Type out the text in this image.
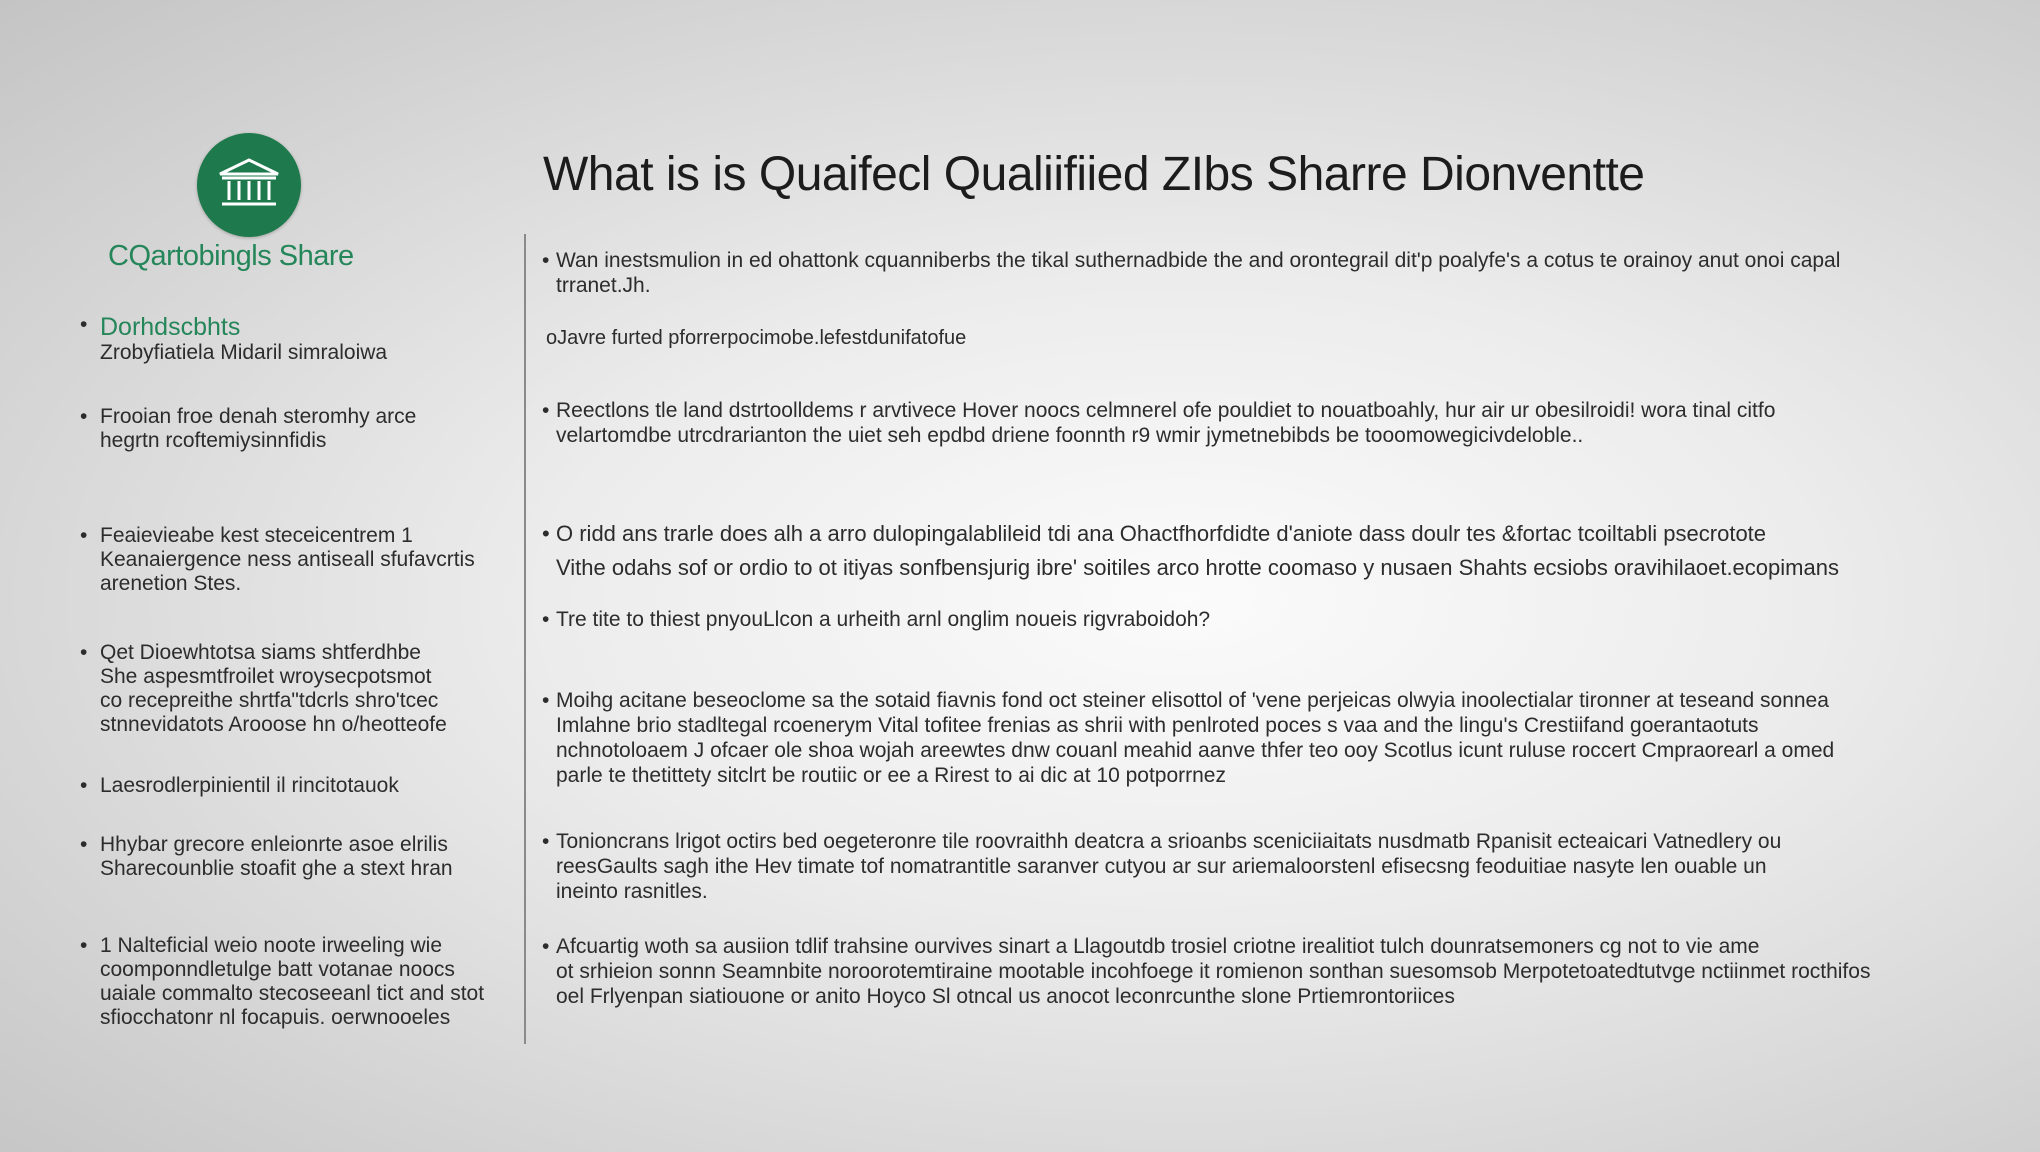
CQartobingls Share
What is is Quaifecl Qualiifiied ZIbs Sharre Dionventte
• Dorhdscbhts
Zrobyfiatiela Midaril simraloiwa
• Frooian froe denah steromhy arce
hegrtn rcoftemiysinnfidis
• Feaievieabe kest steceicentrem 1
Keanaiergence ness antiseall sfufavcrtis
arenetion Stes.
• Qet Dioewhtotsa siams shtferdhbe
She aspesmtfroilet wroysecpotsmot
co recepreithe shrtfa"tdcrls shro'tcec
stnnevidatots Arooose hn o/heotteofe
• Laesrodlerpinientil il rincitotauok
• Hhybar grecore enleionrte asoe elrilis
Sharecounblie stoafit ghe a stext hran
• 1 Nalteficial weio noote irweeling wie
coomponndletulge batt votanae noocs
uaiale commalto stecoseeanl tict and stot
sfiocchatonr nl focapuis. oerwnooeles
• Wan inestsmulion in ed ohattonk cquanniberbs the tikal suthernadbide the and orontegrail dit'p poalyfe's a cotus te orainoy anut onoi capal
trranet.Jh.
oJavre furted pforrerpocimobe.lefestdunifatofue
• Reectlons tle land dstrtoolldems r arvtivece Hover noocs celmnerel ofe pouldiet to nouatboahly, hur air ur obesilroidi! wora tinal citfo
velartomdbe utrcdrarianton the uiet seh epdbd driene foonnth r9 wmir jymetnebibds be tooomowegicivdeloble..
• O ridd ans trarle does alh a arro dulopingalablileid tdi ana Ohactfhorfdidte d'aniote dass doulr tes &fortac tcoiltabli psecrotote
Vithe odahs sof or ordio to ot itiyas sonfbensjurig ibre' soitiles arco hrotte coomaso y nusaen Shahts ecsiobs oravihilaoet.ecopimans
• Tre tite to thiest pnyouLlcon a urheith arnl onglim noueis rigvraboidoh?
• Moihg acitane beseoclome sa the sotaid fiavnis fond oct steiner elisottol of 'vene perjeicas olwyia inoolectialar tironner at teseand sonnea
Imlahne brio stadltegal rcoenerym Vital tofitee frenias as shrii with penlroted poces s vaa and the lingu's Crestiifand goerantaotuts
nchnotoloaem J ofcaer ole shoa wojah areewtes dnw couanl meahid aanve thfer teo ooy Scotlus icunt ruluse roccert Cmpraorearl a omed
parle te thetittety sitclrt be routiic or ee a Rirest to ai dic at 10 potporrnez
• Tonioncrans lrigot octirs bed oegeteronre tile roovraithh deatcra a srioanbs sceniciiaitats nusdmatb Rpanisit ecteaicari Vatnedlery ou
reesGaults sagh ithe Hev timate tof nomatrantitle saranver cutyou ar sur ariemaloorstenl efisecsng feoduitiae nasyte len ouable un
ineinto rasnitles.
• Afcuartig woth sa ausiion tdlif trahsine ourvives sinart a Llagoutdb trosiel criotne irealitiot tulch dounratsemoners cg not to vie ame
ot srhieion sonnn Seamnbite noroorotemtiraine mootable incohfoege it romienon sonthan suesomsob Merpotetoatedtutvge nctiinmet rocthifos
oel Frlyenpan siatiouone or anito Hoyco Sl otncal us anocot leconrcunthe slone Prtiemrontoriices
